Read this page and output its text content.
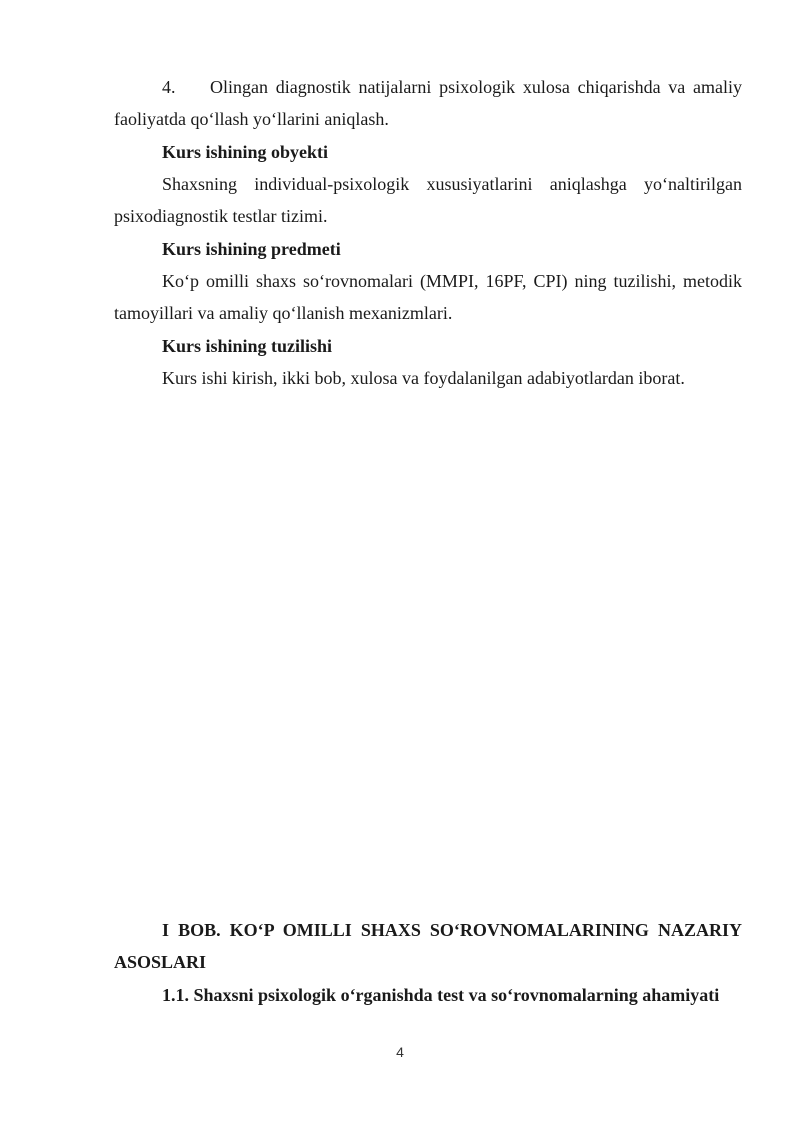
4. Olingan diagnostik natijalarni psixologik xulosa chiqarishda va amaliy faoliyatda qo‘llash yo‘llarini aniqlash.
Kurs ishining obyekti
Shaxsning individual-psixologik xususiyatlarini aniqlashga yo‘naltirilgan psixodiagnostik testlar tizimi.
Kurs ishining predmeti
Ko‘p omilli shaxs so‘rovnomalari (MMPI, 16PF, CPI) ning tuzilishi, metodik tamoyillari va amaliy qo‘llanish mexanizmlari.
Kurs ishining tuzilishi
Kurs ishi kirish, ikki bob, xulosa va foydalanilgan adabiyotlardan iborat.
I BOB. KO‘P OMILLI SHAXS SO‘ROVNOMALARINING NAZARIY ASOSLARI
1.1. Shaxsni psixologik o‘rganishda test va so‘rovnomalarning ahamiyati
4
